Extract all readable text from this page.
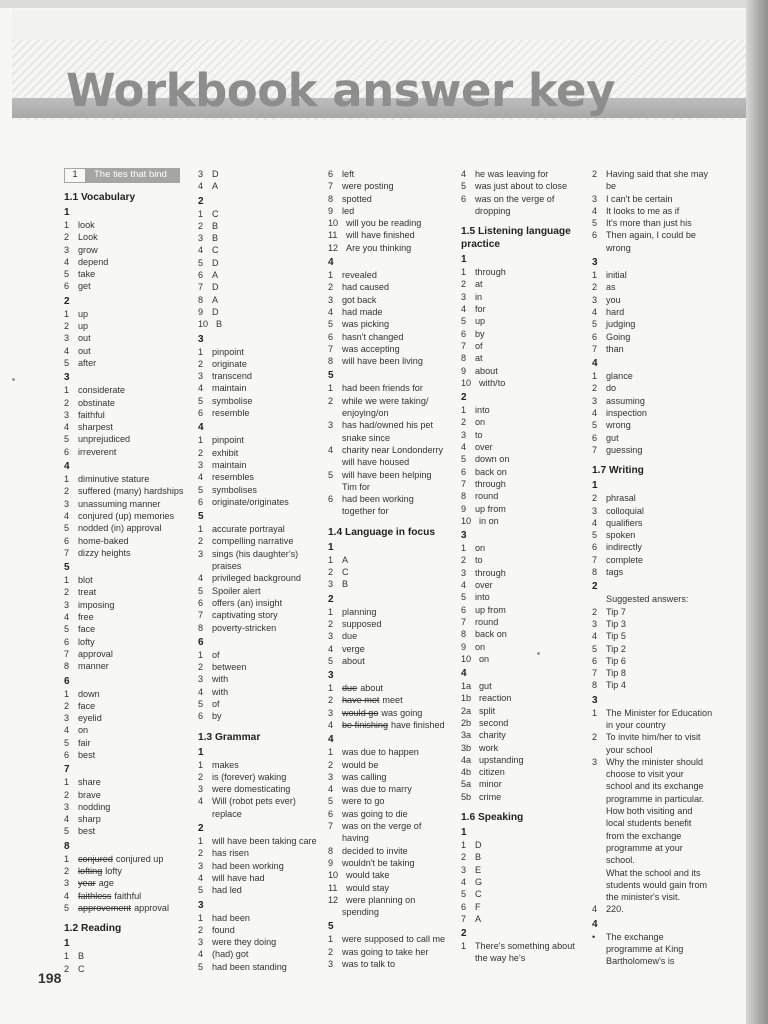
Workbook answer key
1	The ties that bind
1.1 Vocabulary
1
1 look
2 Look
3 grow
4 depend
5 take
6 get
2
1 up
2 up
3 out
4 out
5 after
3
1 considerate
2 obstinate
3 faithful
4 sharpest
5 unprejudiced
6 irreverent
4
1 diminutive stature
2 suffered (many) hardships
3 unassuming manner
4 conjured (up) memories
5 nodded (in) approval
6 home-baked
7 dizzy heights
5
1 blot
2 treat
3 imposing
4 free
5 face
6 lofty
7 approval
8 manner
6
1 down
2 face
3 eyelid
4 on
5 fair
6 best
7
1 share
2 brave
3 nodding
4 sharp
5 best
8
1 conjured conjured up
2 lofting lofty
3 year age
4 faithless faithful
5 approvement approval
1.2 Reading
1
1 B
2 C
3 D
4 A
2
1 C
2 B
3 B
4 C
5 D
6 A
7 D
8 A
9 D
10 B
3
1 pinpoint
2 originate
3 transcend
4 maintain
5 symbolise
6 resemble
4
1 pinpoint
2 exhibit
3 maintain
4 resembles
5 symbolises
6 originate/originates
5
1 accurate portrayal
2 compelling narrative
3 sings (his daughter's)
praises
4 privileged background
5 Spoiler alert
6 offers (an) insight
7 captivating story
8 poverty-stricken
6
1 of
2 between
3 with
4 with
5 of
6 by
1.3 Grammar
1
1 makes
2 is (forever) waking
3 were domesticating
4 Will (robot pets ever)
replace
2
1 will have been taking care
2 has risen
3 had been working
4 will have had
5 had led
3
1 had been
2 found
3 were they doing
4 (had) got
5 had been standing
6 left
7 were posting
8 spotted
9 led
10 will you be reading
11 will have finished
12 Are you thinking
4
1 revealed
2 had caused
3 got back
4 had made
5 was picking
6 hasn't changed
7 was accepting
8 will have been living
5
1 had been friends for
2 while we were taking/
enjoying/on
3 has had/owned his pet
snake since
4 charity near Londonderry
will have housed
5 will have been helping
Tim for
6 had been working
together for
1.4 Language in focus
1
1 A
2 C
3 B
2
1 planning
2 supposed
3 due
4 verge
5 about
3
1 due about
2 have met meet
3 would go was going
4 be finishing have finished
4
1 was due to happen
2 would be
3 was calling
4 was due to marry
5 were to go
6 was going to die
7 was on the verge of
having
8 decided to invite
9 wouldn't be taking
10 would take
11 would stay
12 were planning on
spending
5
1 were supposed to call me
2 was going to take her
3 was to talk to
4 he was leaving for
5 was just about to close
6 was on the verge of
dropping
1.5 Listening language practice
1
1 through
2 at
3 in
4 for
5 up
6 by
7 of
8 at
9 about
10 with/to
2
1 into
2 on
3 to
4 over
5 down on
6 back on
7 through
8 round
9 up from
10 in on
3
1 on
2 to
3 through
4 over
5 into
6 up from
7 round
8 back on
9 on
10 on
4
1a gut
1b reaction
2a split
2b second
3a charity
3b work
4a upstanding
4b citizen
5a minor
5b crime
1.6 Speaking
1
1 D
2 B
3 E
4 G
5 C
6 F
7 A
2
1 There's something about
the way he's
2 Having said that she may
be
3 I can't be certain
4 It looks to me as if
5 It's more than just his
6 Then again, I could be
wrong
3
1 initial
2 as
3 you
4 hard
5 judging
6 Going
7 than
4
1 glance
2 do
3 assuming
4 inspection
5 wrong
6 gut
7 guessing
1.7 Writing
1
2 phrasal
3 colloquial
4 qualifiers
5 spoken
6 indirectly
7 complete
8 tags
2
Suggested answers:
2 Tip 7
3 Tip 3
4 Tip 5
5 Tip 2
6 Tip 6
7 Tip 8
8 Tip 4
3
1 The Minister for Education
in your country
2 To invite him/her to visit
your school
3 Why the minister should
choose to visit your
school and its exchange
programme in particular.
How both visiting and
local students benefit
from the exchange
programme at your
school.
What the school and its
students would gain from
the minister's visit.
4 220.
4
•	The exchange
programme at King
Bartholomew's is
198
